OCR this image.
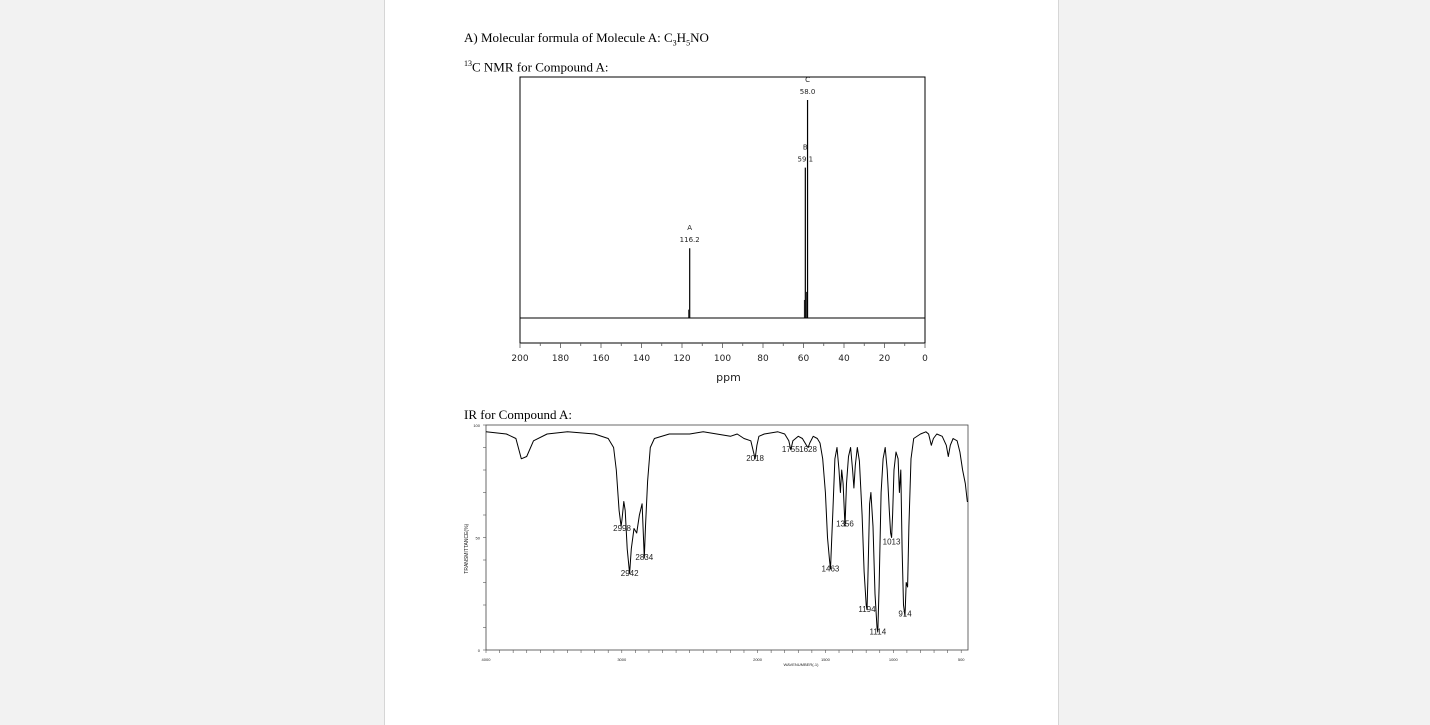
A) Molecular formula of Molecule A: $C_3H_5NO$
$^{13}$C NMR for Compound A:
IR for Compound A:
200	180	160	140	120	100	80	60	40	20	0
ppm
A
116.2
B
59.1
C
58.0
0
50
100
4000	3000	2000	1500	1000	500
WAVENUMBER(-1)
TRANSMITTANCE(%)	2998
2942
2834
2018
1755 1628
1463
1356
1194
1114
1013
914
